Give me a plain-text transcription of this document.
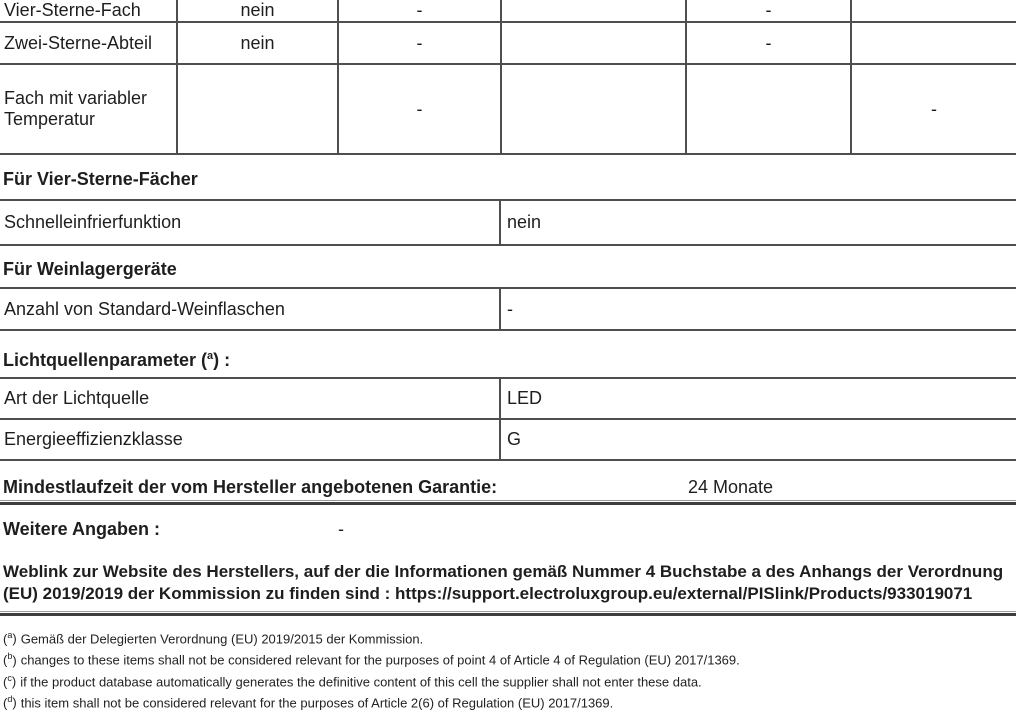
Vier-Sterne-Fach	nein	-		-	
Zwei-Sterne-Abteil	nein	-		-	
Fach mit variabler Temperatur		-			-
Für Vier-Sterne-Fächer
Schnelleinfrierfunktion	nein
Für Weinlagergeräte
Anzahl von Standard-Weinflaschen	-
Lichtquellenparameter ($^a$) :
Art der Lichtquelle	LED
Energieeffizienzklasse	G
Mindestlaufzeit der vom Hersteller angebotenen Garantie:	24 Monate
Weitere Angaben :	-
Weblink zur Website des Herstellers, auf der die Informationen gemäß Nummer 4 Buchstabe a des Anhangs der Verordnung
(EU) 2019/2019 der Kommission zu finden sind : https://support.electroluxgroup.eu/external/PISlink/Products/933019071
($^a$) Gemäß der Delegierten Verordnung (EU) 2019/2015 der Kommission.
($^b$) changes to these items shall not be considered relevant for the purposes of point 4 of Article 4 of Regulation (EU) 2017/1369.
($^c$) if the product database automatically generates the definitive content of this cell the supplier shall not enter these data.
($^d$) this item shall not be considered relevant for the purposes of Article 2(6) of Regulation (EU) 2017/1369.
